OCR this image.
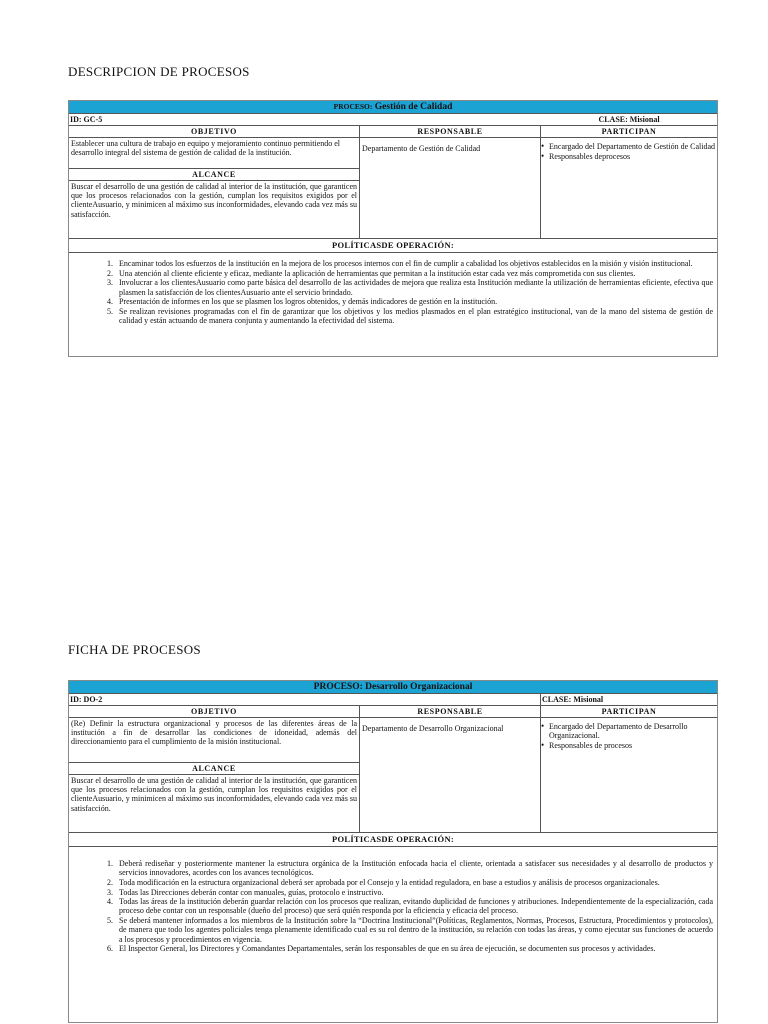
DESCRIPCION DE PROCESOS
PROCESO: Gestión de Calidad
ID: GC-5	CLASE: Misional
OBJETIVO
Establecer una cultura de trabajo en equipo y mejoramiento continuo permitiendo el desarrollo integral del sistema de gestión de calidad de la institución.
ALCANCE
Buscar el desarrollo de una gestión de calidad al interior de la institución, que garanticen que los procesos relacionados con la gestión, cumplan los requisitos exigidos por el clienteAusuario, y minimicen al máximo sus inconformidades, elevando cada vez más su satisfacción.
RESPONSABLE
Departamento de Gestión de Calidad
PARTICIPAN
• Encargado del Departamento de Gestión de Calidad
• Responsables deprocesos
POLÍTICASDE OPERACIÓN:
1. Encaminar todos los esfuerzos de la institución en la mejora de los procesos internos con el fin de cumplir a cabalidad los objetivos establecidos en la misión y visión institucional.
2. Una atención al cliente eficiente y eficaz, mediante la aplicación de herramientas que permitan a la institución estar cada vez más comprometida con sus clientes.
3. Involucrar a los clientesAusuario como parte básica del desarrollo de las actividades de mejora que realiza esta Institución mediante la utilización de herramientas eficiente, efectiva que plasmen la satisfacción de los clientesAusuario ante el servicio brindado.
4. Presentación de informes en los que se plasmen los logros obtenidos, y demás indicadores de gestión en la institución.
5. Se realizan revisiones programadas con el fin de garantizar que los objetivos y los medios plasmados en el plan estratégico institucional, van de la mano del sistema de gestión de calidad y están actuando de manera conjunta y aumentando la efectividad del sistema.
FICHA DE PROCESOS
PROCESO: Desarrollo Organizacional
ID: DO-2	CLASE: Misional
OBJETIVO
(Re) Definir la estructura organizacional y procesos de las diferentes áreas de la institución a fin de desarrollar las condiciones de idoneidad, además del direccionamiento para el cumplimiento de la misión institucional.
ALCANCE
Buscar el desarrollo de una gestión de calidad al interior de la institución, que garanticen que los procesos relacionados con la gestión, cumplan los requisitos exigidos por el clienteAusuario, y minimicen al máximo sus inconformidades, elevando cada vez más su satisfacción.
RESPONSABLE
Departamento de Desarrollo Organizacional
PARTICIPAN
• Encargado del Departamento de Desarrollo Organizacional.
• Responsables de procesos
POLÍTICASDE OPERACIÓN:
1. Deberá rediseñar y posteriormente mantener la estructura orgánica de la Institución enfocada hacia el cliente, orientada a satisfacer sus necesidades y al desarrollo de productos y servicios innovadores, acordes con los avances tecnológicos.
2. Toda modificación en la estructura organizacional deberá ser aprobada por el Consejo y la entidad reguladora, en base a estudios y análisis de procesos organizacionales.
3. Todas las Direcciones deberán contar con manuales, guías, protocolo e instructivo.
4. Todas las áreas de la institución deberán guardar relación con los procesos que realizan, evitando duplicidad de funciones y atribuciones. Independientemente de la especialización, cada proceso debe contar con un responsable (dueño del proceso) que será quién responda por la eficiencia y eficacia del proceso.
5. Se deberá mantener informados a los miembros de la Institución sobre la “Doctrina Institucional”(Políticas, Reglamentos, Normas, Procesos, Estructura, Procedimientos y protocolos), de manera que todo los agentes policiales tenga plenamente identificado cual es su rol dentro de la institución, su relación con todas las áreas, y como ejecutar sus funciones de acuerdo a los procesos y procedimientos en vigencia.
6. El Inspector General, los Directores y Comandantes Departamentales, serán los responsables de que en su área de ejecución, se documenten sus procesos y actividades.
